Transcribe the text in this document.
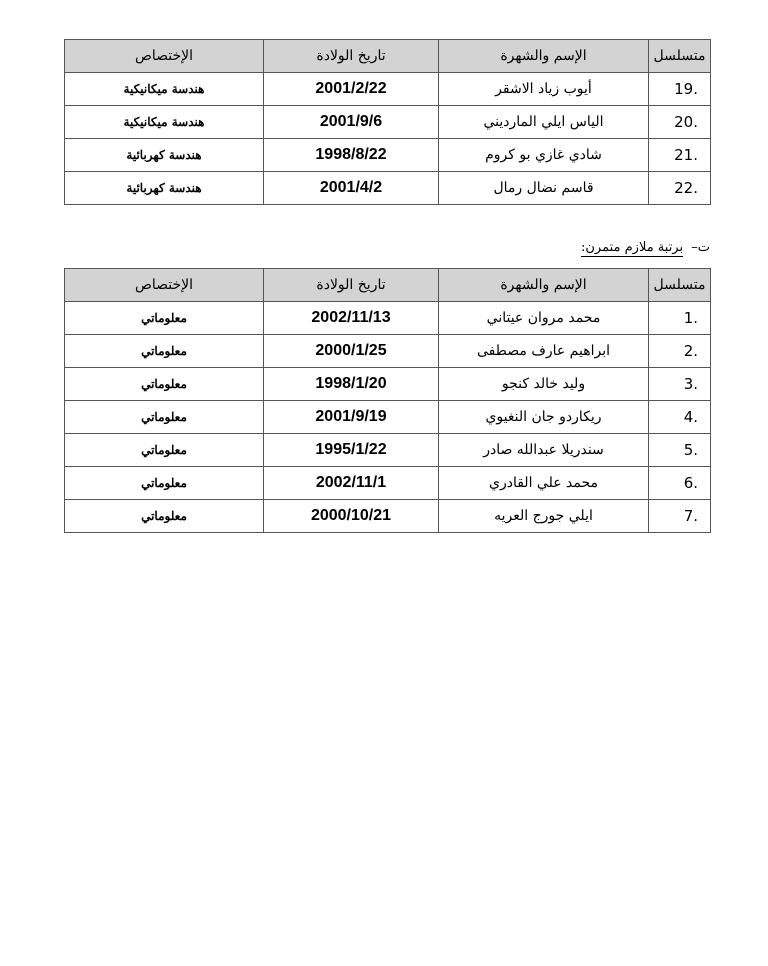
متسلسل	الإسم والشهرة	تاريخ الولادة	الإختصاص
19.	أيوب زياد الاشقر	2001/2/22	هندسة ميكانيكية
20.	الياس ايلي المارديني	2001/9/6	هندسة ميكانيكية
21.	شادي غازي بو كروم	1998/8/22	هندسة كهربائية
22.	قاسم نضال رمال	2001/4/2	هندسة كهربائية
ت– برتبة ملازم متمرن:
متسلسل	الإسم والشهرة	تاريخ الولادة	الإختصاص
1.	محمد مروان عيتاني	2002/11/13	معلوماتي
2.	ابراهيم عارف مصطفى	2000/1/25	معلوماتي
3.	وليد خالد كنجو	1998/1/20	معلوماتي
4.	ريكاردو جان النغيوي	2001/9/19	معلوماتي
5.	سندريلا عبدالله صادر	1995/1/22	معلوماتي
6.	محمد علي القادري	2002/11/1	معلوماتي
7.	ايلي جورج العريه	2000/10/21	معلوماتي
